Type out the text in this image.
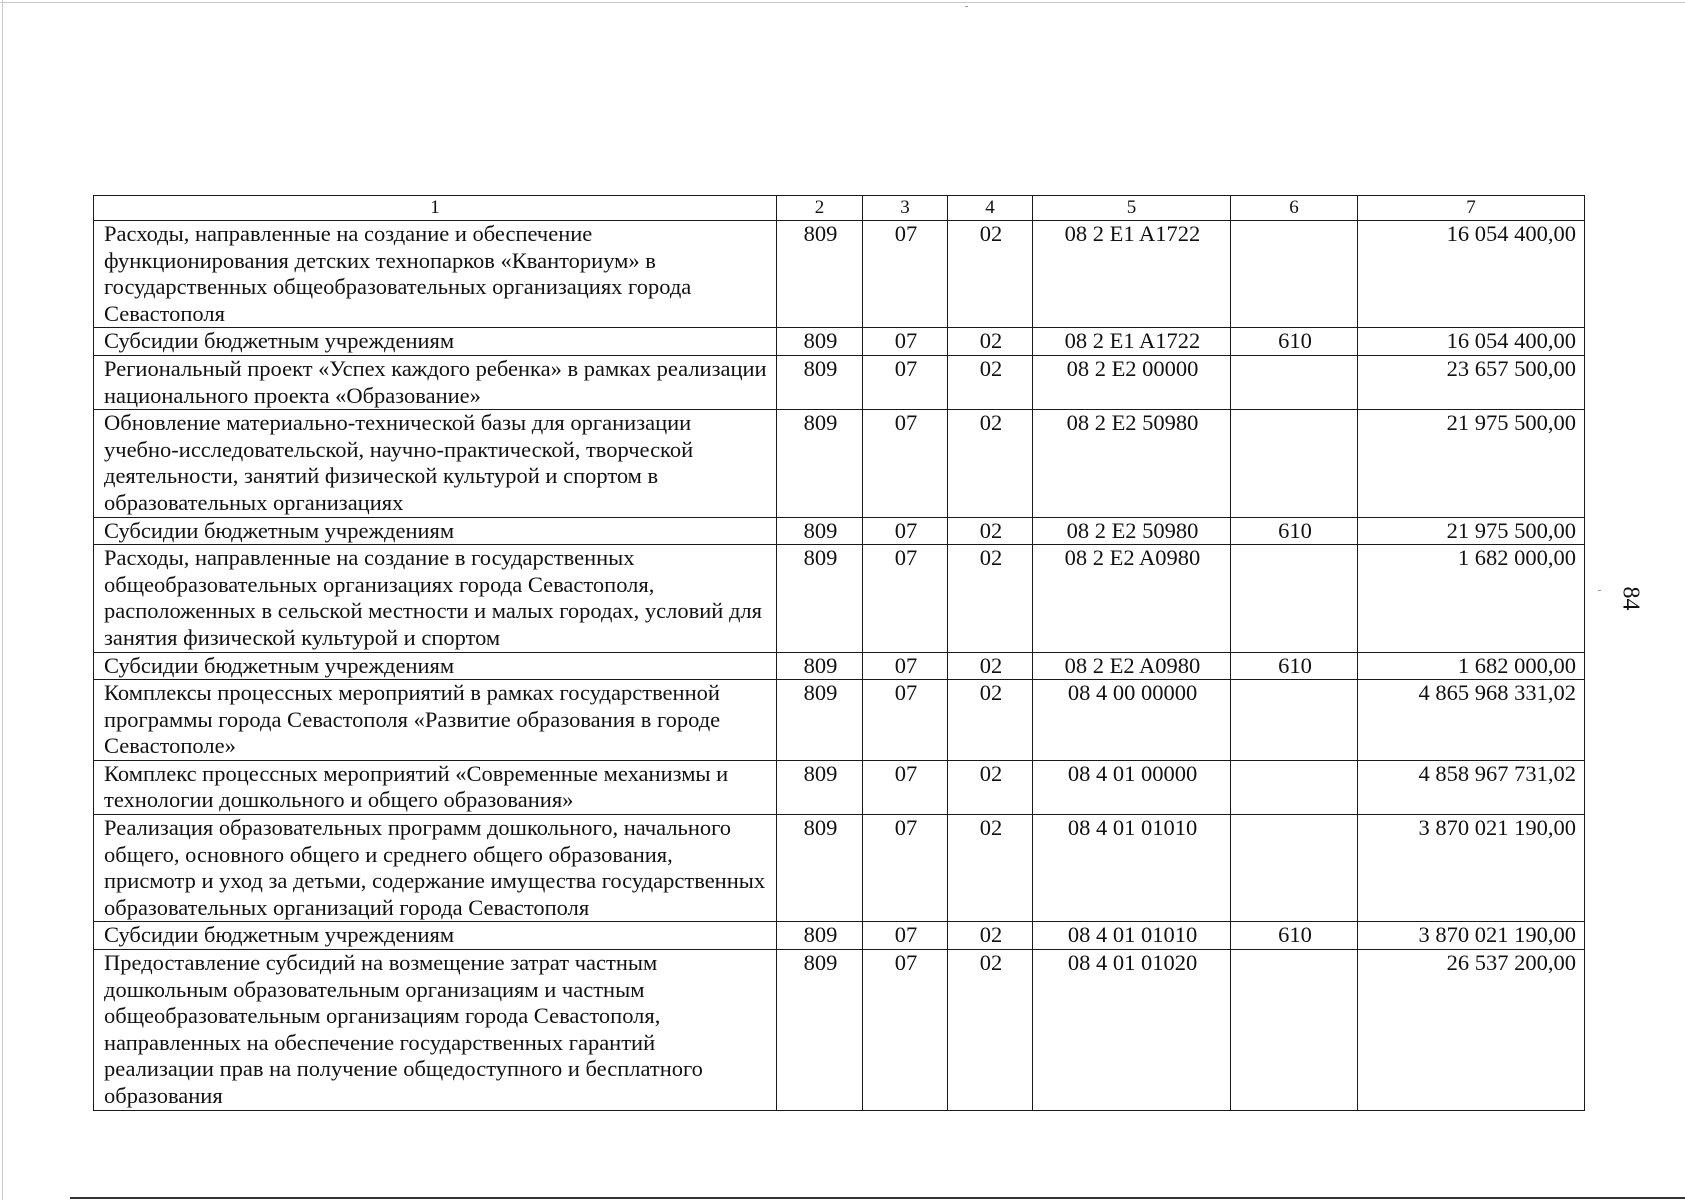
1	2	3	4	5	6	7
Расходы, направленные на создание и обеспечение функционирования детских технопарков «Кванториум» в государственных общеобразовательных организациях города Севастополя	809	07	02	08 2 E1 A1722		16 054 400,00
Субсидии бюджетным учреждениям	809	07	02	08 2 E1 A1722	610	16 054 400,00
Региональный проект «Успех каждого ребенка» в рамках реализации национального проекта «Образование»	809	07	02	08 2 E2 00000		23 657 500,00
Обновление материально-технической базы для организации учебно-исследовательской, научно-практической, творческой деятельности, занятий физической культурой и спортом в образовательных организациях	809	07	02	08 2 E2 50980		21 975 500,00
Субсидии бюджетным учреждениям	809	07	02	08 2 E2 50980	610	21 975 500,00
Расходы, направленные на создание в государственных общеобразовательных организациях города Севастополя, расположенных в сельской местности и малых городах, условий для занятия физической культурой и спортом	809	07	02	08 2 E2 A0980		1 682 000,00
Субсидии бюджетным учреждениям	809	07	02	08 2 E2 A0980	610	1 682 000,00
Комплексы процессных мероприятий в рамках государственной программы города Севастополя «Развитие образования в городе Севастополе»	809	07	02	08 4 00 00000		4 865 968 331,02
Комплекс процессных мероприятий «Современные механизмы и технологии дошкольного и общего образования»	809	07	02	08 4 01 00000		4 858 967 731,02
Реализация образовательных программ дошкольного, начального общего, основного общего и среднего общего образования, присмотр и уход за детьми, содержание имущества государственных образовательных организаций города Севастополя	809	07	02	08 4 01 01010		3 870 021 190,00
Субсидии бюджетным учреждениям	809	07	02	08 4 01 01010	610	3 870 021 190,00
Предоставление субсидий на возмещение затрат частным дошкольным образовательным организациям и частным общеобразовательным организациям города Севастополя, направленных на обеспечение государственных гарантий реализации прав на получение общедоступного и бесплатного образования	809	07	02	08 4 01 01020		26 537 200,00
84
